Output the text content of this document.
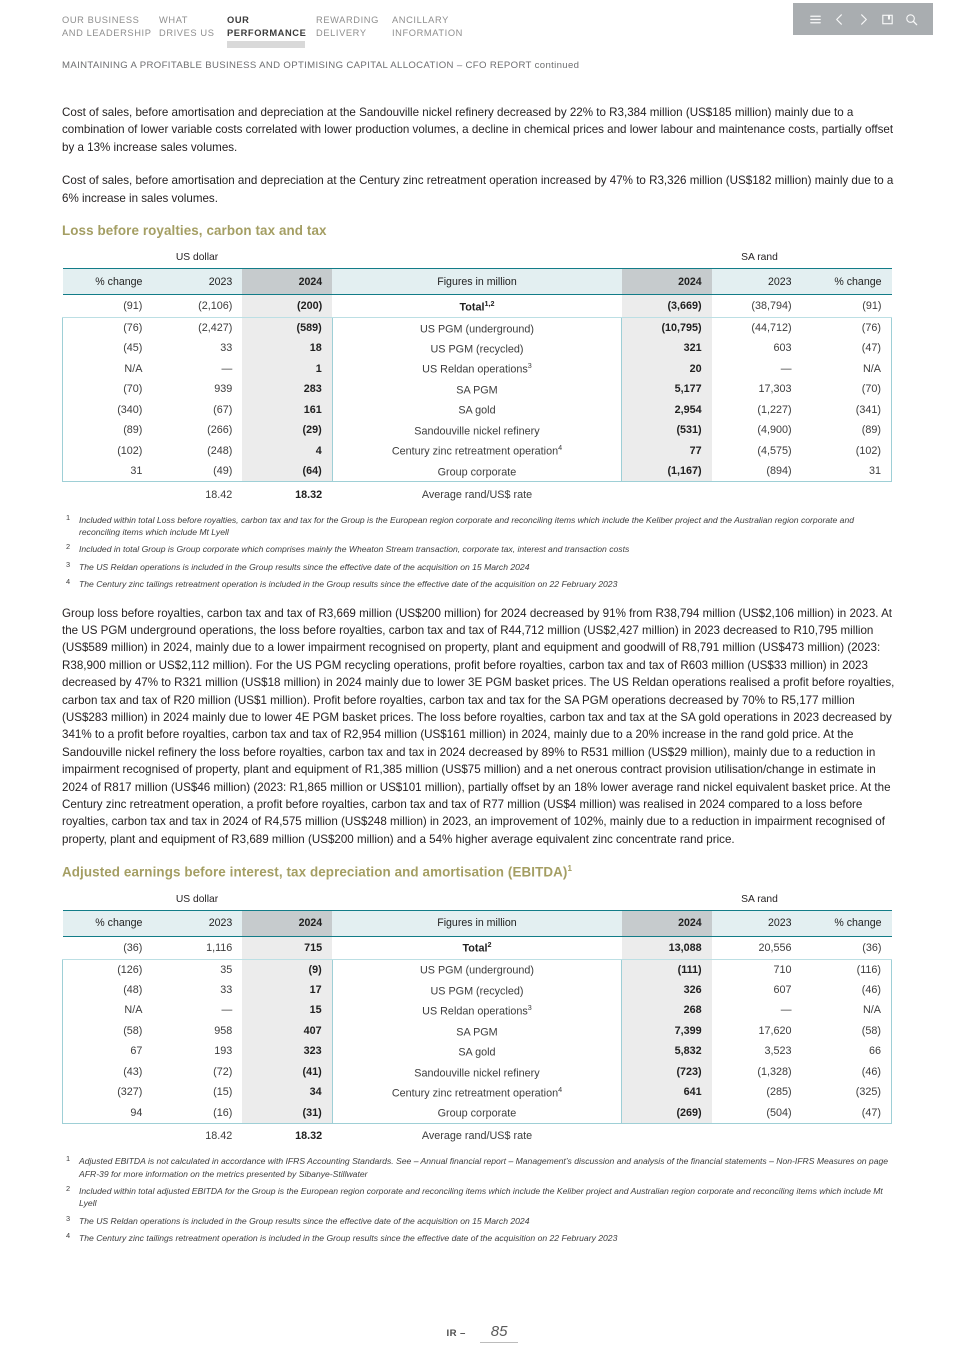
OUR BUSINESS
AND LEADERSHIP
WHAT
DRIVES US
OUR
PERFORMANCE
REWARDING
DELIVERY
ANCILLARY
INFORMATION
MAINTAINING A PROFITABLE BUSINESS AND OPTIMISING CAPITAL ALLOCATION – CFO REPORT continued

Cost of sales, before amortisation and depreciation at the Sandouville nickel refinery decreased by 22% to R3,384 million (US$185 million) mainly due to a combination of lower variable costs correlated with lower production volumes, a decline in chemical prices and lower labour and maintenance costs, partially offset by a 13% increase sales volumes.

Cost of sales, before amortisation and depreciation at the Century zinc retreatment operation increased by 47% to R3,326 million (US$182 million) mainly due to a 6% increase in sales volumes.

Loss before royalties, carbon tax and tax
US dollar	SA rand
% change	2023	2024	Figures in million	2024	2023	% change
(91)	(2,106)	(200)	Total$^{1,2}$	(3,669)	(38,794)	(91)
(76)	(2,427)	(589)	US PGM (underground)	(10,795)	(44,712)	(76)
(45)	33	18	US PGM (recycled)	321	603	(47)
N/A	—	1	US Reldan operations$^3$	20	—	N/A
(70)	939	283	SA PGM	5,177	17,303	(70)
(340)	(67)	161	SA gold	2,954	(1,227)	(341)
(89)	(266)	(29)	Sandouville nickel refinery	(531)	(4,900)	(89)
(102)	(248)	4	Century zinc retreatment operation$^4$	77	(4,575)	(102)
31	(49)	(64)	Group corporate	(1,167)	(894)	31
	18.42	18.32	Average rand/US$ rate			
1 Included within total Loss before royalties, carbon tax and tax for the Group is the European region corporate and reconciling items which include the Keliber project and the Australian region corporate and reconciling items which include Mt Lyell
2 Included in total Group is Group corporate which comprises mainly the Wheaton Stream transaction, corporate tax, interest and transaction costs
3 The US Reldan operations is included in the Group results since the effective date of the acquisition on 15 March 2024
4 The Century zinc tailings retreatment operation is included in the Group results since the effective date of the acquisition on 22 February 2023

Group loss before royalties, carbon tax and tax of R3,669 million (US$200 million) for 2024 decreased by 91% from R38,794 million (US$2,106 million) in 2023. At the US PGM underground operations, the loss before royalties, carbon tax and tax of R44,712 million (US$2,427 million) in 2023 decreased to R10,795 million (US$589 million) in 2024, mainly due to a lower impairment recognised on property, plant and equipment and goodwill of R8,791 million (US$473 million) (2023: R38,900 million or US$2,112 million). For the US PGM recycling operations, profit before royalties, carbon tax and tax of R603 million (US$33 million) in 2023 decreased by 47% to R321 million (US$18 million) in 2024 mainly due to lower 3E PGM basket prices. The US Reldan operations realised a profit before royalties, carbon tax and tax of R20 million (US$1 million). Profit before royalties, carbon tax and tax for the SA PGM operations decreased by 70% to R5,177 million (US$283 million) in 2024 mainly due to lower 4E PGM basket prices. The loss before royalties, carbon tax and tax at the SA gold operations in 2023 decreased by 341% to a profit before royalties, carbon tax and tax of R2,954 million (US$161 million) in 2024, mainly due to a 20% increase in the rand gold price. At the Sandouville nickel refinery the loss before royalties, carbon tax and tax in 2024 decreased by 89% to R531 million (US$29 million), mainly due to a reduction in impairment recognised of property, plant and equipment of R1,385 million (US$75 million) and a net onerous contract provision utilisation/change in estimate in 2024 of R817 million (US$46 million) (2023: R1,865 million or US$101 million), partially offset by an 18% lower average rand nickel equivalent basket price. At the Century zinc retreatment operation, a profit before royalties, carbon tax and tax of R77 million (US$4 million) was realised in 2024 compared to a loss before royalties, carbon tax and tax in 2024 of R4,575 million (US$248 million) in 2023, an improvement of 102%, mainly due to a reduction in impairment recognised of property, plant and equipment of R3,689 million (US$200 million) and a 54% higher average equivalent zinc concentrate rand price.

Adjusted earnings before interest, tax depreciation and amortisation (EBITDA)$^1$
US dollar	SA rand
% change	2023	2024	Figures in million	2024	2023	% change
(36)	1,116	715	Total$^2$	13,088	20,556	(36)
(126)	35	(9)	US PGM (underground)	(111)	710	(116)
(48)	33	17	US PGM (recycled)	326	607	(46)
N/A	—	15	US Reldan operations$^3$	268	—	N/A
(58)	958	407	SA PGM	7,399	17,620	(58)
67	193	323	SA gold	5,832	3,523	66
(43)	(72)	(41)	Sandouville nickel refinery	(723)	(1,328)	(46)
(327)	(15)	34	Century zinc retreatment operation$^4$	641	(285)	(325)
94	(16)	(31)	Group corporate	(269)	(504)	(47)
	18.42	18.32	Average rand/US$ rate			
1 Adjusted EBITDA is not calculated in accordance with IFRS Accounting Standards. See – Annual financial report – Management’s discussion and analysis of the financial statements – Non-IFRS Measures on page AFR-39 for more information on the metrics presented by Sibanye-Stillwater
2 Included within total adjusted EBITDA for the Group is the European region corporate and reconciling items which include the Keliber project and Australian region corporate and reconciling items which include Mt Lyell
3 The US Reldan operations is included in the Group results since the effective date of the acquisition on 15 March 2024
4 The Century zinc tailings retreatment operation is included in the Group results since the effective date of the acquisition on 22 February 2023
IR –	85
